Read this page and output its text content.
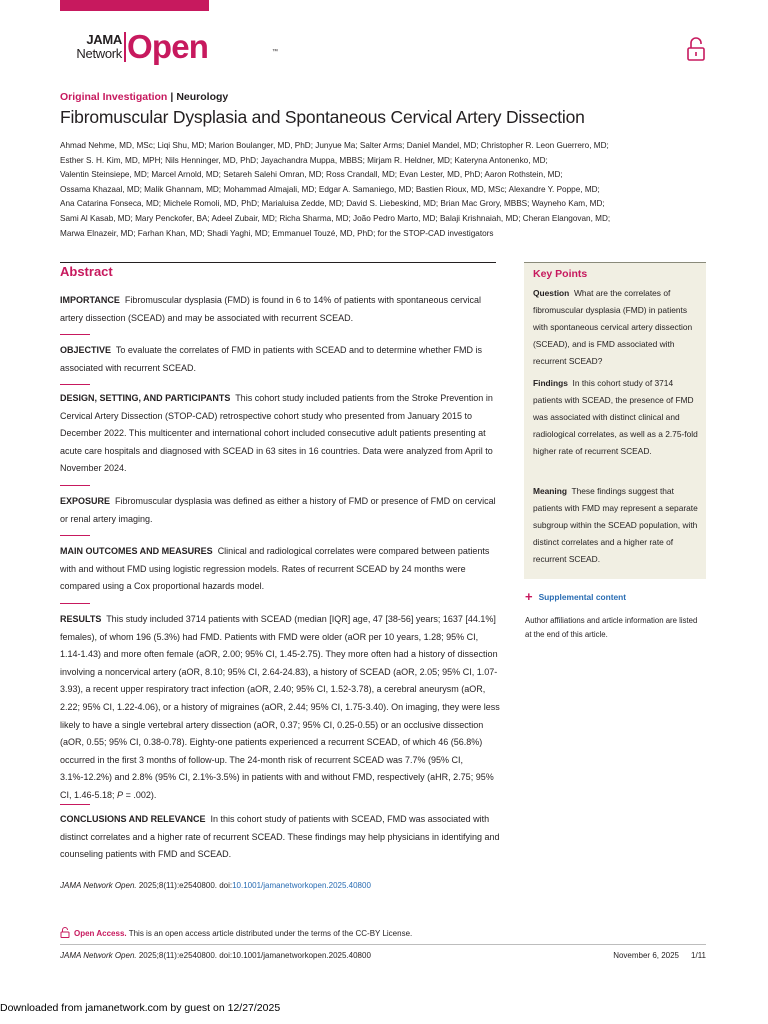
JAMA
Network Open	™
Original Investigation | Neurology
Fibromuscular Dysplasia and Spontaneous Cervical Artery Dissection
Ahmad Nehme, MD, MSc; Liqi Shu, MD; Marion Boulanger, MD, PhD; Junyue Ma; Salter Arms; Daniel Mandel, MD; Christopher R. Leon Guerrero, MD;
Esther S. H. Kim, MD, MPH; Nils Henninger, MD, PhD; Jayachandra Muppa, MBBS; Mirjam R. Heldner, MD; Kateryna Antonenko, MD;
Valentin Steinsiepe, MD; Marcel Arnold, MD; Setareh Salehi Omran, MD; Ross Crandall, MD; Evan Lester, MD, PhD; Aaron Rothstein, MD;
Ossama Khazaal, MD; Malik Ghannam, MD; Mohammad Almajali, MD; Edgar A. Samaniego, MD; Bastien Rioux, MD, MSc; Alexandre Y. Poppe, MD;
Ana Catarina Fonseca, MD; Michele Romoli, MD, PhD; Marialuisa Zedde, MD; David S. Liebeskind, MD; Brian Mac Grory, MBBS; Wayneho Kam, MD;
Sami Al Kasab, MD; Mary Penckofer, BA; Adeel Zubair, MD; Richa Sharma, MD; João Pedro Marto, MD; Balaji Krishnaiah, MD; Cheran Elangovan, MD;
Marwa Elnazeir, MD; Farhan Khan, MD; Shadi Yaghi, MD; Emmanuel Touzé, MD, PhD; for the STOP-CAD investigators
Abstract
IMPORTANCE Fibromuscular dysplasia (FMD) is found in 6 to 14% of patients with spontaneous cervical artery dissection (SCEAD) and may be associated with recurrent SCEAD.
OBJECTIVE To evaluate the correlates of FMD in patients with SCEAD and to determine whether FMD is associated with recurrent SCEAD.
DESIGN, SETTING, AND PARTICIPANTS This cohort study included patients from the Stroke Prevention in Cervical Artery Dissection (STOP-CAD) retrospective cohort study who presented from January 2015 to December 2022. This multicenter and international cohort included consecutive adult patients presenting at acute care hospitals and diagnosed with SCEAD in 63 sites in 16 countries. Data were analyzed from April to November 2024.
EXPOSURE Fibromuscular dysplasia was defined as either a history of FMD or presence of FMD on cervical or renal artery imaging.
MAIN OUTCOMES AND MEASURES Clinical and radiological correlates were compared between patients with and without FMD using logistic regression models. Rates of recurrent SCEAD by 24 months were compared using a Cox proportional hazards model.
RESULTS This study included 3714 patients with SCEAD (median [IQR] age, 47 [38-56] years; 1637 [44.1%] females), of whom 196 (5.3%) had FMD. Patients with FMD were older (aOR per 10 years, 1.28; 95% CI, 1.14-1.43) and more often female (aOR, 2.00; 95% CI, 1.45-2.75). They more often had a history of dissection involving a noncervical artery (aOR, 8.10; 95% CI, 2.64-24.83), a history of SCEAD (aOR, 2.05; 95% CI, 1.07-3.93), a recent upper respiratory tract infection (aOR, 2.40; 95% CI, 1.52-3.78), a cerebral aneurysm (aOR, 2.22; 95% CI, 1.22-4.06), or a history of migraines (aOR, 2.44; 95% CI, 1.75-3.40). On imaging, they were less likely to have a single vertebral artery dissection (aOR, 0.37; 95% CI, 0.25-0.55) or an occlusive dissection (aOR, 0.55; 95% CI, 0.38-0.78). Eighty-one patients experienced a recurrent SCEAD, of which 46 (56.8%) occurred in the first 3 months of follow-up. The 24-month risk of recurrent SCEAD was 7.7% (95% CI, 3.1%-12.2%) and 2.8% (95% CI, 2.1%-3.5%) in patients with and without FMD, respectively (aHR, 2.75; 95% CI, 1.46-5.18; P = .002).
CONCLUSIONS AND RELEVANCE In this cohort study of patients with SCEAD, FMD was associated with distinct correlates and a higher rate of recurrent SCEAD. These findings may help physicians in identifying and counseling patients with FMD and SCEAD.
Key Points
Question What are the correlates of fibromuscular dysplasia (FMD) in patients with spontaneous cervical artery dissection (SCEAD), and is FMD associated with recurrent SCEAD?
Findings In this cohort study of 3714 patients with SCEAD, the presence of FMD was associated with distinct clinical and radiological correlates, as well as a 2.75-fold higher rate of recurrent SCEAD.
Meaning These findings suggest that patients with FMD may represent a separate subgroup within the SCEAD population, with distinct correlates and a higher rate of recurrent SCEAD.
+ Supplemental content
Author affiliations and article information are listed at the end of this article.
JAMA Network Open. 2025;8(11):e2540800. doi:10.1001/jamanetworkopen.2025.40800
Open Access. This is an open access article distributed under the terms of the CC-BY License.
JAMA Network Open. 2025;8(11):e2540800. doi:10.1001/jamanetworkopen.2025.40800	November 6, 2025 1/11
Downloaded from jamanetwork.com by guest on 12/27/2025
